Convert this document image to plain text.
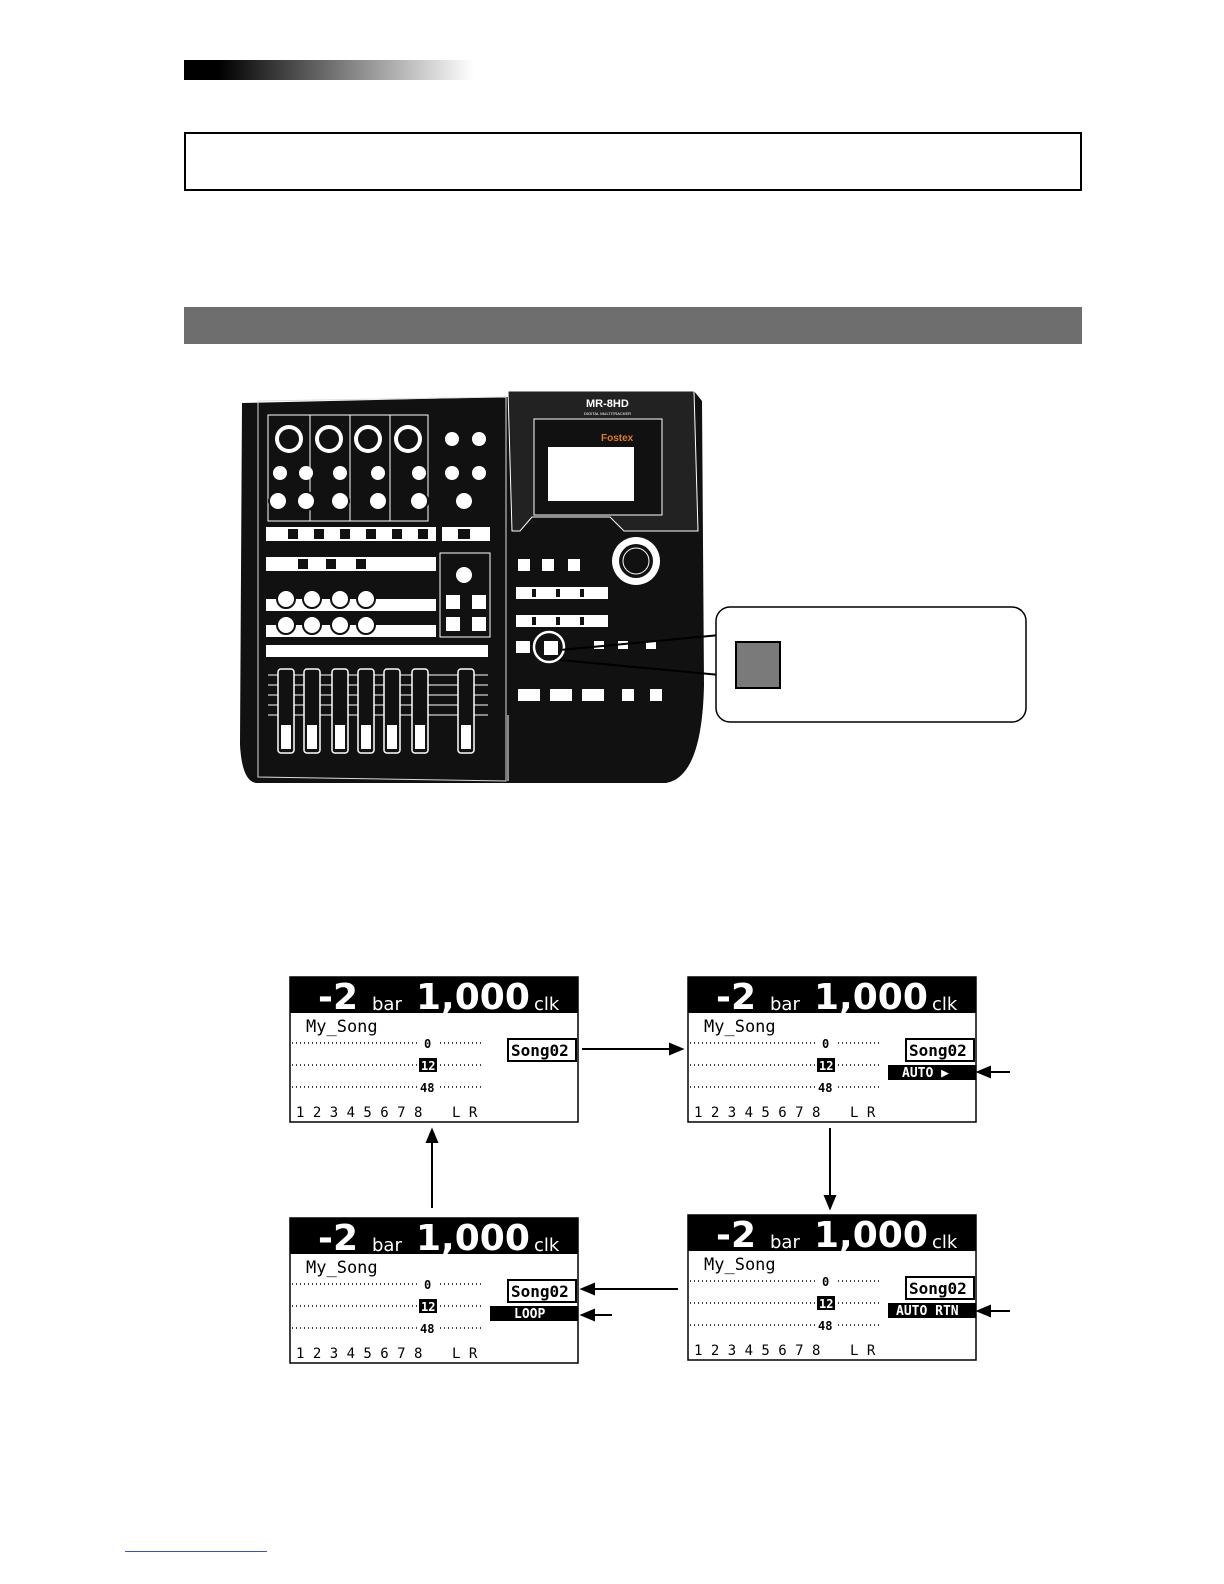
Fostex
MR-8HD
DIGITAL MULTITRACKER
-2 bar 1,000 clk
My_Song
0
12
48
Song02
1 2 3 4 5 6 7 8 L R
-2 bar 1,000 clk
My_Song
0
12
48
Song02
AUTO ▶
1 2 3 4 5 6 7 8 L R
-2 bar 1,000 clk
My_Song
0
12
48
Song02
LOOP
1 2 3 4 5 6 7 8 L R
-2 bar 1,000 clk
My_Song
0
12
48
Song02
AUTO RTN
1 2 3 4 5 6 7 8 L R
